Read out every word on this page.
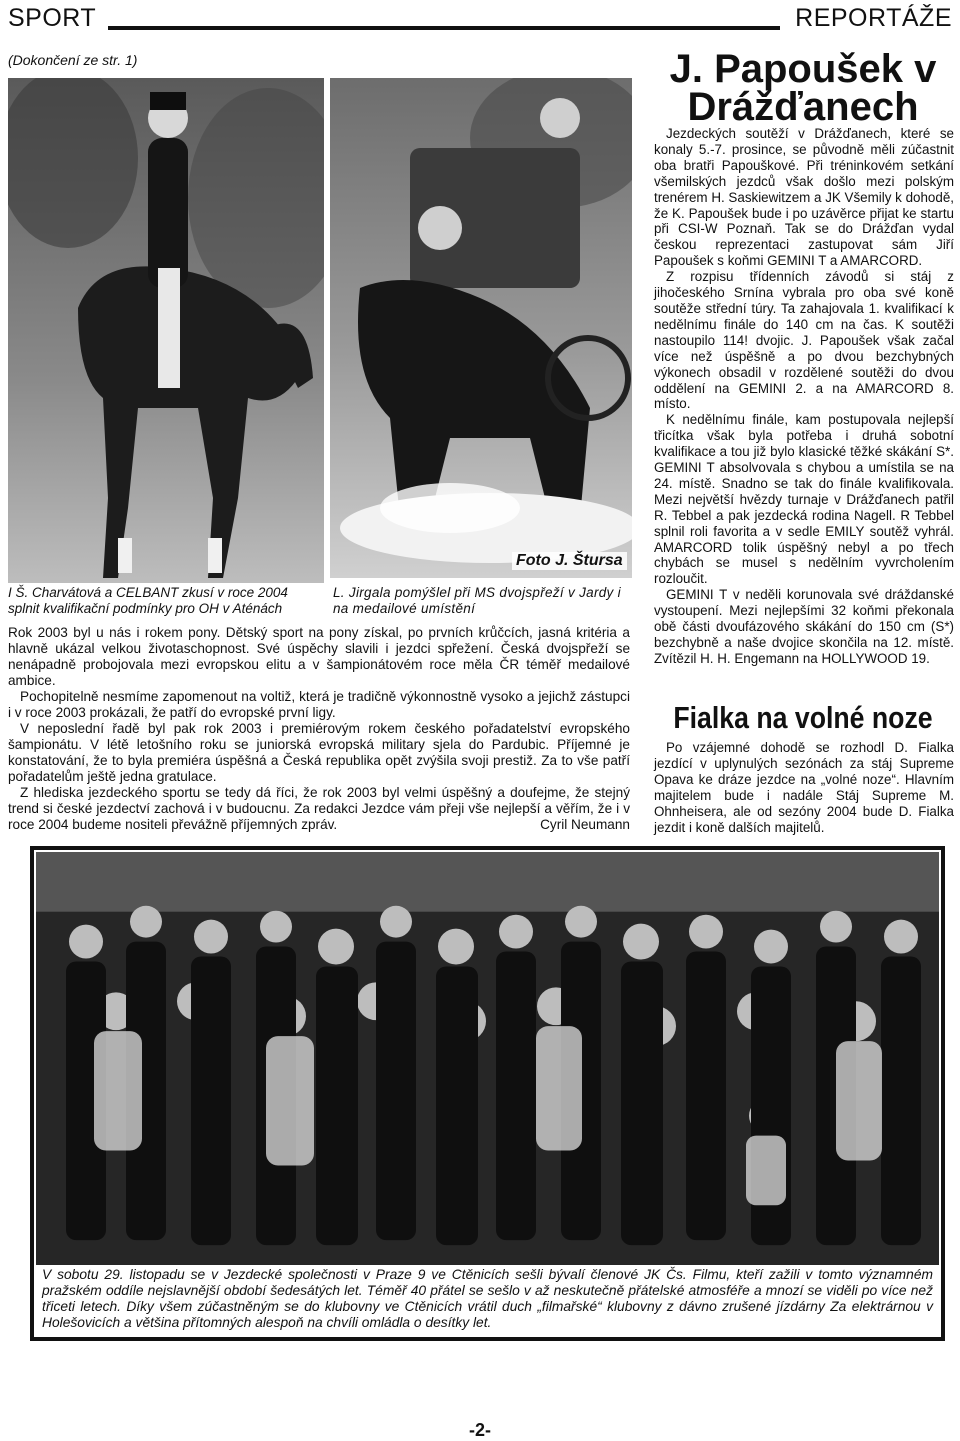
SPORT	REPORTÁŽE
(Dokončení ze str. 1)
Foto J. Štursa
I Š. Charvátová a CELBANT zkusí v roce 2004 splnit kvalifikační podmínky pro OH v Aténách
L. Jirgala pomýšlel při MS dvojspřeží v Jardy i na medailové umístění

Rok 2003 byl u nás i rokem pony. Dětský sport na pony získal, po prvních krůčcích, jasná kritéria a hlavně ukázal velkou životaschopnost. Své úspěchy slavili i jezdci spřežení. Česká dvojspřeží se nenápadně probojovala mezi evropskou elitu a v šampionátovém roce měla ČR téměř medailové ambice.

Pochopitelně nesmíme zapomenout na voltiž, která je tradičně výkonnostně vysoko a jejichž zástupci i v roce 2003 prokázali, že patří do evropské první ligy.

V neposlední řadě byl pak rok 2003 i premiérovým rokem českého pořadatelství evropského šampionátu. V létě letošního roku se juniorská evropská military sjela do Pardubic. Příjemné je konstatování, že to byla premiéra úspěšná a Česká republika opět zvýšila svoji prestiž. Za to vše patří pořadatelům ještě jedna gratulace.

Z hlediska jezdeckého sportu se tedy dá říci, že rok 2003 byl velmi úspěšný a doufejme, že stejný trend si české jezdectví zachová i v budoucnu. Za redakci Jezdce vám přeji vše nejlepší a věřím, že i v roce 2004 budeme nositeli převážně příjemných zpráv.	Cyril Neumann

J. Papoušek v Drážďanech

Jezdeckých soutěží v Drážďanech, které se konaly 5.-7. prosince, se původně měli zúčastnit oba bratři Papouškové. Při tréninkovém setkání všemilských jezdců však došlo mezi polským trenérem H. Saskiewitzem a JK Všemily k dohodě, že K. Papoušek bude i po uzávěrce přijat ke startu při CSI-W Poznaň. Tak se do Drážďan vydal českou reprezentaci zastupovat sám Jiří Papoušek s koňmi GEMINI T a AMARCORD.

Z rozpisu třídenních závodů si stáj z jihočeského Srnína vybrala pro oba své koně soutěže střední túry. Ta zahajovala 1. kvalifikací k nedělnímu finále do 140 cm na čas. K soutěži nastoupilo 114! dvojic. J. Papoušek však začal více než úspěšně a po dvou bezchybných výkonech obsadil v rozdělené soutěži do dvou oddělení na GEMINI 2. a na AMARCORD 8. místo.

K nedělnímu finále, kam postupovala nejlepší třicítka však byla potřeba i druhá sobotní kvalifikace a tou již bylo klasické těžké skákání S*. GEMINI T absolvovala s chybou a umístila se na 24. místě. Snadno se tak do finále kvalifikovala. Mezi největší hvězdy turnaje v Drážďanech patřil R. Tebbel a pak jezdecká rodina Nagell. R Tebbel splnil roli favorita a v sedle EMILY soutěž vyhrál. AMARCORD tolik úspěšný nebyl a po třech chybách se musel s nedělním vyvrcholením rozloučit.

GEMINI T v neděli korunovala své dráždanské vystoupení. Mezi nejlepšími 32 koňmi překonala obě části dvoufázového skákání do 150 cm (S*) bezchybně a naše dvojice skončila na 12. místě. Zvítězil H. H. Engemann na HOLLYWOOD 19.

Fialka na volné noze

Po vzájemné dohodě se rozhodl D. Fialka jezdící v uplynulých sezónách za stáj Supreme Opava ke dráze jezdce na „volné noze“. Hlavním majitelem bude i nadále Stáj Supreme M. Ohnheisera, ale od sezóny 2004 bude D. Fialka jezdit i koně dalších majitelů.

V sobotu 29. listopadu se v Jezdecké společnosti v Praze 9 ve Ctěnicích sešli bývalí členové JK Čs. Filmu, kteří zažili v tomto významném pražském oddíle nejslavnější období šedesátých let. Téměř 40 přátel se sešlo v až neskutečně přátelské atmosféře a mnozí se viděli po více než třiceti letech. Díky všem zúčastněným se do klubovny ve Ctěnicích vrátil duch „filmařské“ klubovny z dávno zrušené jízdárny Za elektrárnou v Holešovicích a většina přítomných alespoň na chvíli omládla o desítky let.
-2-
